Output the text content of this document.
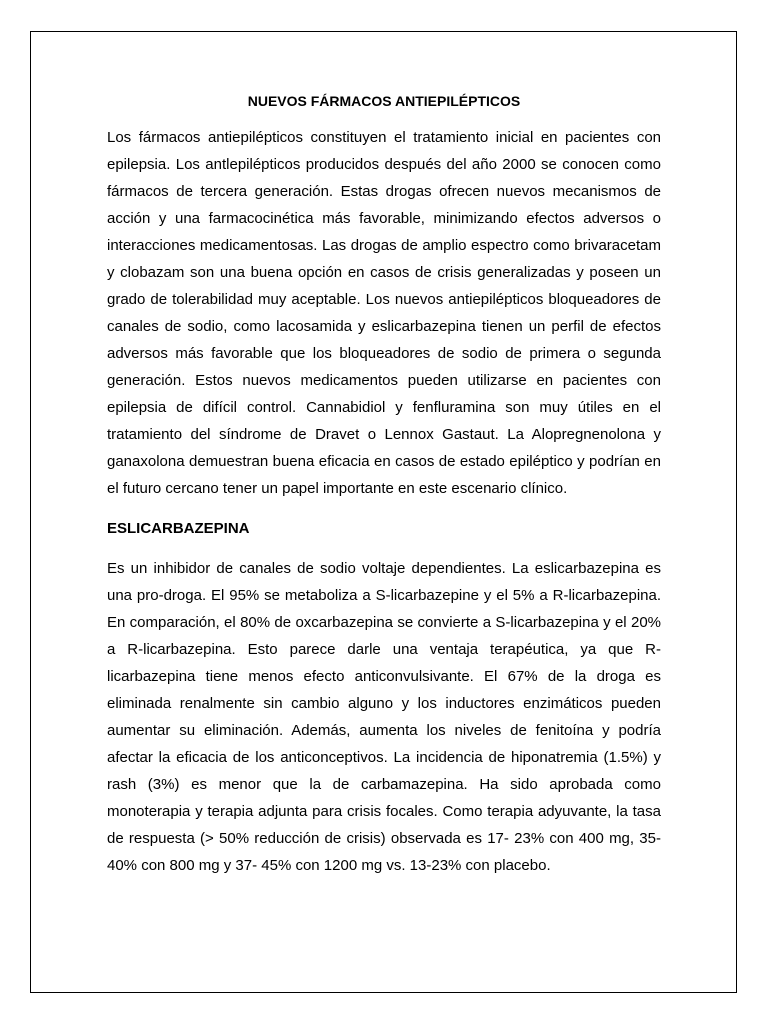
NUEVOS FÁRMACOS ANTIEPILÉPTICOS

Los fármacos antiepilépticos constituyen el tratamiento inicial en pacientes con epilepsia. Los antlepilépticos producidos después del año 2000 se conocen como fármacos de tercera generación. Estas drogas ofrecen nuevos mecanismos de acción y una farmacocinética más favorable, minimizando efectos adversos o interacciones medicamentosas. Las drogas de amplio espectro como brivaracetam y clobazam son una buena opción en casos de crisis generalizadas y poseen un grado de tolerabilidad muy aceptable. Los nuevos antiepilépticos bloqueadores de canales de sodio, como lacosamida y eslicarbazepina tienen un perfil de efectos adversos más favorable que los bloqueadores de sodio de primera o segunda generación. Estos nuevos medicamentos pueden utilizarse en pacientes con epilepsia de difícil control. Cannabidiol y fenfluramina son muy útiles en el tratamiento del síndrome de Dravet o Lennox Gastaut. La Alopregnenolona y ganaxolona demuestran buena eficacia en casos de estado epiléptico y podrían en el futuro cercano tener un papel importante en este escenario clínico.

ESLICARBAZEPINA

Es un inhibidor de canales de sodio voltaje dependientes. La eslicarbazepina es una pro-droga. El 95% se metaboliza a S-licarbazepine y el 5% a R-licarbazepina. En comparación, el 80% de oxcarbazepina se convierte a S-licarbazepina y el 20% a R-licarbazepina. Esto parece darle una ventaja terapéutica, ya que R-licarbazepina tiene menos efecto anticonvulsivante. El 67% de la droga es eliminada renalmente sin cambio alguno y los inductores enzimáticos pueden aumentar su eliminación. Además, aumenta los niveles de fenitoína y podría afectar la eficacia de los anticonceptivos. La incidencia de hiponatremia (1.5%) y rash (3%) es menor que la de carbamazepina. Ha sido aprobada como monoterapia y terapia adjunta para crisis focales. Como terapia adyuvante, la tasa de respuesta (> 50% reducción de crisis) observada es 17- 23% con 400 mg, 35-40% con 800 mg y 37- 45% con 1200 mg vs. 13-23% con placebo.
